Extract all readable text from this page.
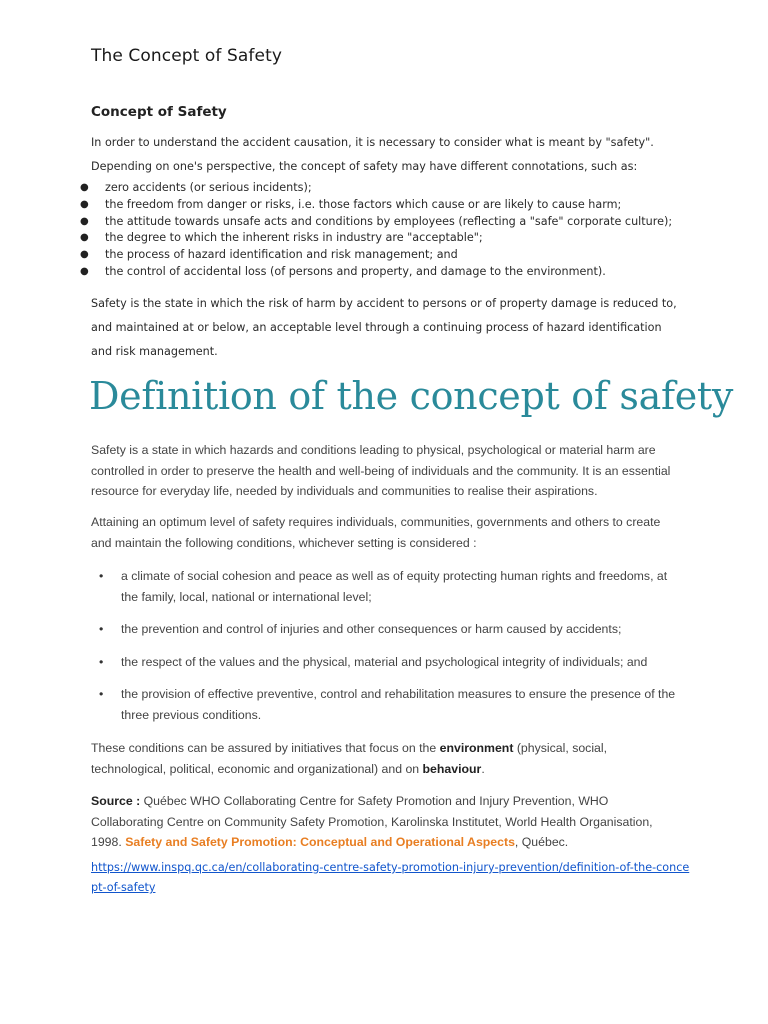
The Concept of Safety
Concept of Safety

In order to understand the accident causation, it is necessary to consider what is meant by "safety".

Depending on one's perspective, the concept of safety may have different connotations, such as:

● zero accidents (or serious incidents);
● the freedom from danger or risks, i.e. those factors which cause or are likely to cause harm;
● the attitude towards unsafe acts and conditions by employees (reflecting a "safe" corporate culture);
● the degree to which the inherent risks in industry are "acceptable";
● the process of hazard identification and risk management; and
● the control of accidental loss (of persons and property, and damage to the environment).

Safety is the state in which the risk of harm by accident to persons or of property damage is reduced to, and maintained at or below, an acceptable level through a continuing process of hazard identification and risk management.

Definition of the concept of safety

Safety is a state in which hazards and conditions leading to physical, psychological or material harm are controlled in order to preserve the health and well-being of individuals and the community. It is an essential resource for everyday life, needed by individuals and communities to realise their aspirations.

Attaining an optimum level of safety requires individuals, communities, governments and others to create and maintain the following conditions, whichever setting is considered :

• a climate of social cohesion and peace as well as of equity protecting human rights and freedoms, at the family, local, national or international level;
• the prevention and control of injuries and other consequences or harm caused by accidents;
• the respect of the values and the physical, material and psychological integrity of individuals; and
• the provision of effective preventive, control and rehabilitation measures to ensure the presence of the three previous conditions.

These conditions can be assured by initiatives that focus on the environment (physical, social, technological, political, economic and organizational) and on behaviour.

Source : Québec WHO Collaborating Centre for Safety Promotion and Injury Prevention, WHO Collaborating Centre on Community Safety Promotion, Karolinska Institutet, World Health Organisation, 1998. Safety and Safety Promotion: Conceptual and Operational Aspects, Québec.

https://www.inspq.qc.ca/en/collaborating-centre-safety-promotion-injury-prevention/definition-of-the-concept-of-safety
